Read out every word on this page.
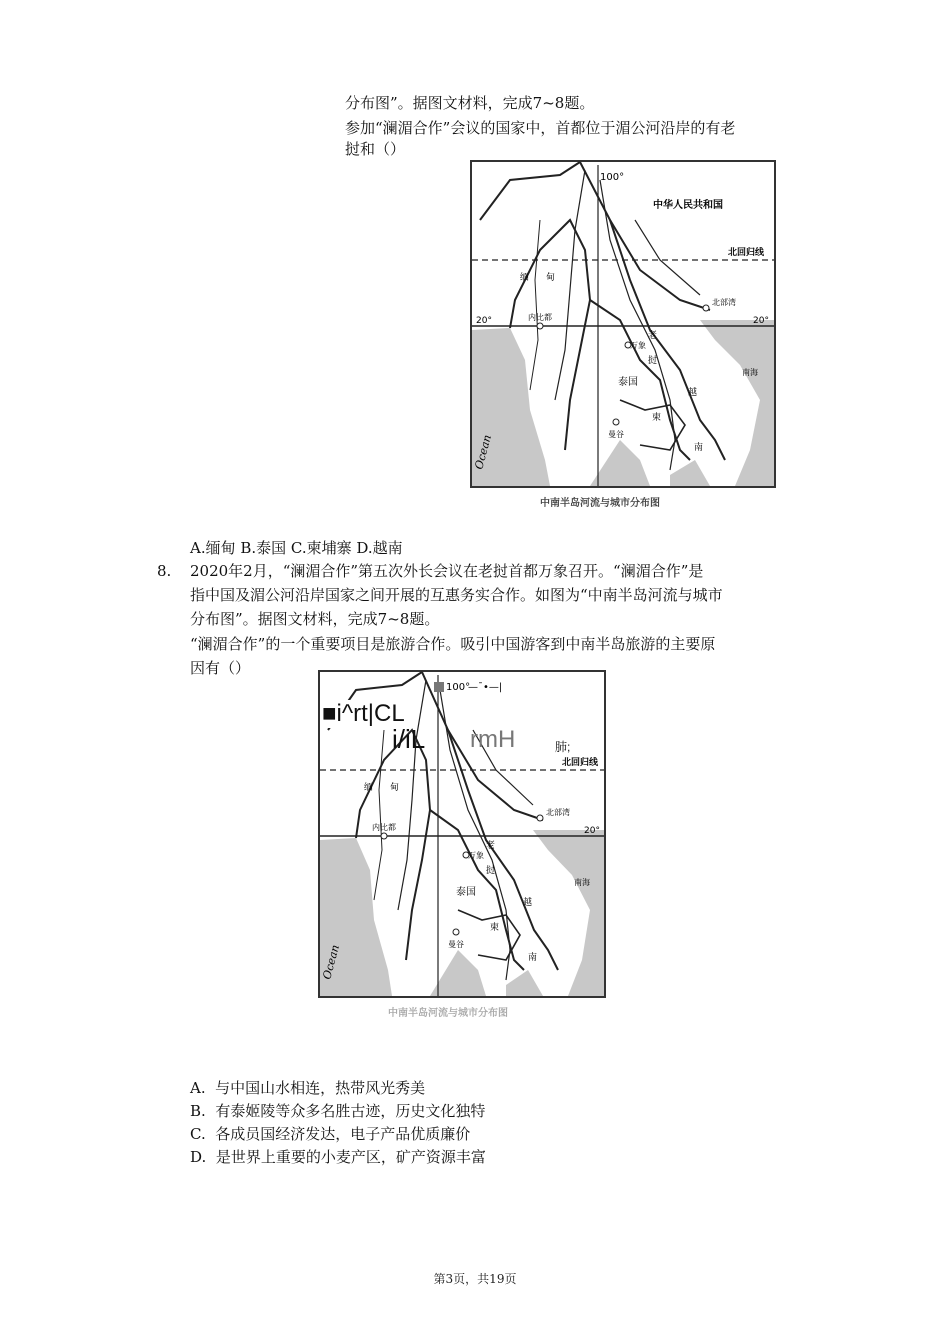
分布图”。据图文材料，完成7~8题。
参加“澜湄合作”会议的国家中，首都位于湄公河沿岸的有老
挝和（）
100°
中华人民共和国
北回归线
20°	20°
缅 甸
内比都
北部湾
老
挝
万象
泰国
曼谷
柬
越
南
南海
Ocean
中南半岛河流与城市分布图
A.缅甸 B.泰国 C.柬埔寨 D.越南
8. 2020年2月，“澜湄合作”第五次外长会议在老挝首都万象召开。“澜湄合作”是
指中国及湄公河沿岸国家之间开展的互惠务实合作。如图为“中南半岛河流与城市
分布图”。据图文材料，完成7~8题。
“澜湄合作”的一个重要项目是旅游合作。吸引中国游客到中南半岛旅游的主要原
因有（）
100°
—¯•—|
北回归线
20°
缅 甸
内比都
北部湾
老
挝
万象
泰国
曼谷
柬
越
南
南海
Ocean
■i^rt|CL
i/iL rmH	肺;
中南半岛河流与城市分布图
A. 与中国山水相连，热带风光秀美
B. 有泰姬陵等众多名胜古迹，历史文化独特
C. 各成员国经济发达，电子产品优质廉价
D. 是世界上重要的小麦产区，矿产资源丰富
第3页，共19页
